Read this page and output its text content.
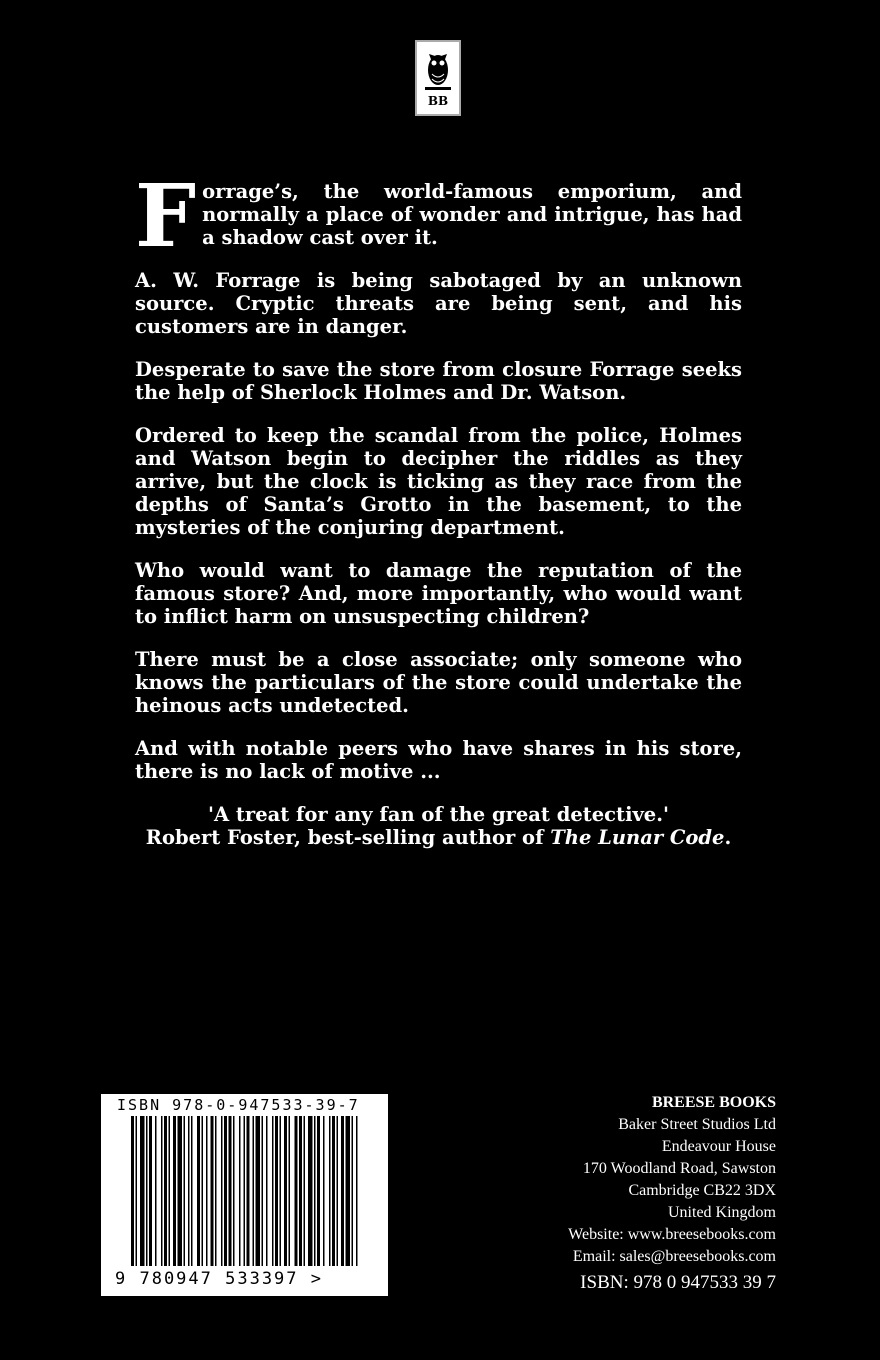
BB

Forrage’s, the world-famous emporium, and normally a place of wonder and intrigue, has had a shadow cast over it.

A. W. Forrage is being sabotaged by an unknown source. Cryptic threats are being sent, and his customers are in danger.

Desperate to save the store from closure Forrage seeks the help of Sherlock Holmes and Dr. Watson.

Ordered to keep the scandal from the police, Holmes and Watson begin to decipher the riddles as they arrive, but the clock is ticking as they race from the depths of Santa’s Grotto in the basement, to the mysteries of the conjuring department.

Who would want to damage the reputation of the famous store? And, more importantly, who would want to inflict harm on unsuspecting children?

There must be a close associate; only someone who knows the particulars of the store could undertake the heinous acts undetected.

And with notable peers who have shares in his store, there is no lack of motive ...

'A treat for any fan of the great detective.'
Robert Foster, best-selling author of The Lunar Code.
ISBN 978-0-947533-39-7
9 780947 533397 >
BREESE BOOKS
Baker Street Studios Ltd
Endeavour House
170 Woodland Road, Sawston
Cambridge CB22 3DX
United Kingdom
Website: www.breesebooks.com
Email: sales@breesebooks.com
ISBN: 978 0 947533 39 7
